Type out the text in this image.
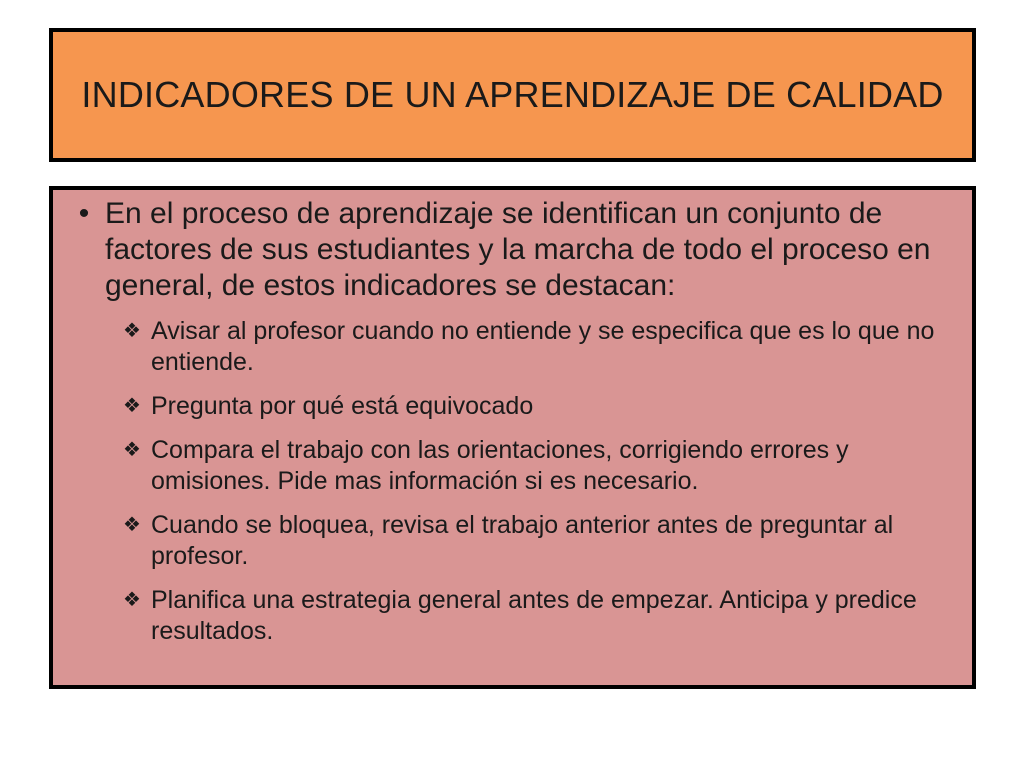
INDICADORES DE UN APRENDIZAJE DE CALIDAD
• En el proceso de aprendizaje se identifican un conjunto de factores de sus estudiantes y la marcha de todo el proceso en general, de estos indicadores se destacan:
❖ Avisar al profesor cuando no entiende y se especifica que es lo que no entiende.
❖ Pregunta por qué está equivocado
❖ Compara el trabajo con las orientaciones, corrigiendo errores y omisiones. Pide mas información si es necesario.
❖ Cuando se bloquea, revisa el trabajo anterior antes de preguntar al profesor.
❖ Planifica una estrategia general antes de empezar. Anticipa y predice resultados.
